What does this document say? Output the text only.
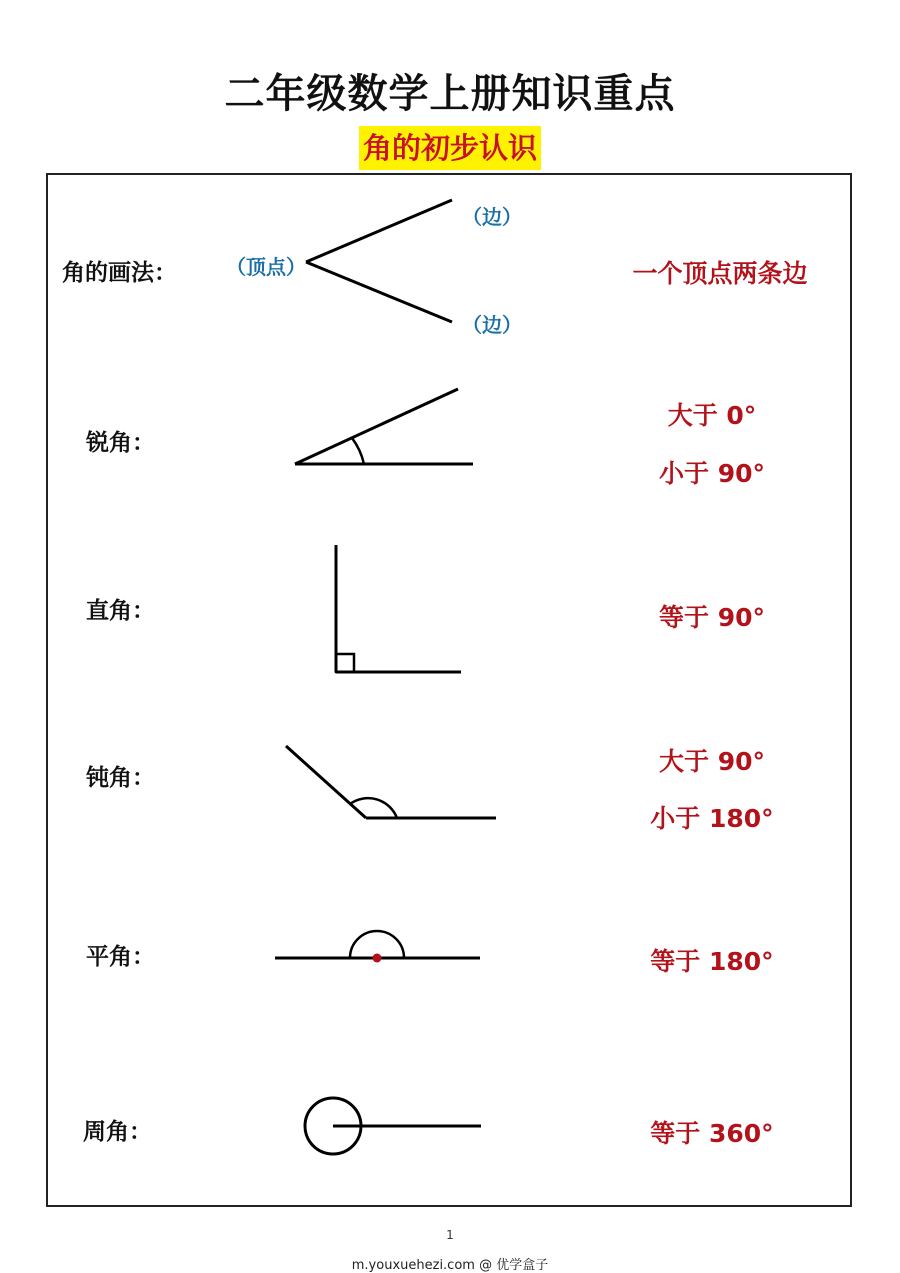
二年级数学上册知识重点
角的初步认识
角的画法： （顶点）
（边）
（边）
一个顶点两条边
锐角：
大于 0°
小于 90°
直角：	等于 90°
钝角：
大于 90°
小于 180°
平角：	等于 180°
周角：	等于 360°
1
m.youxuehezi.com @ 优学盒子
